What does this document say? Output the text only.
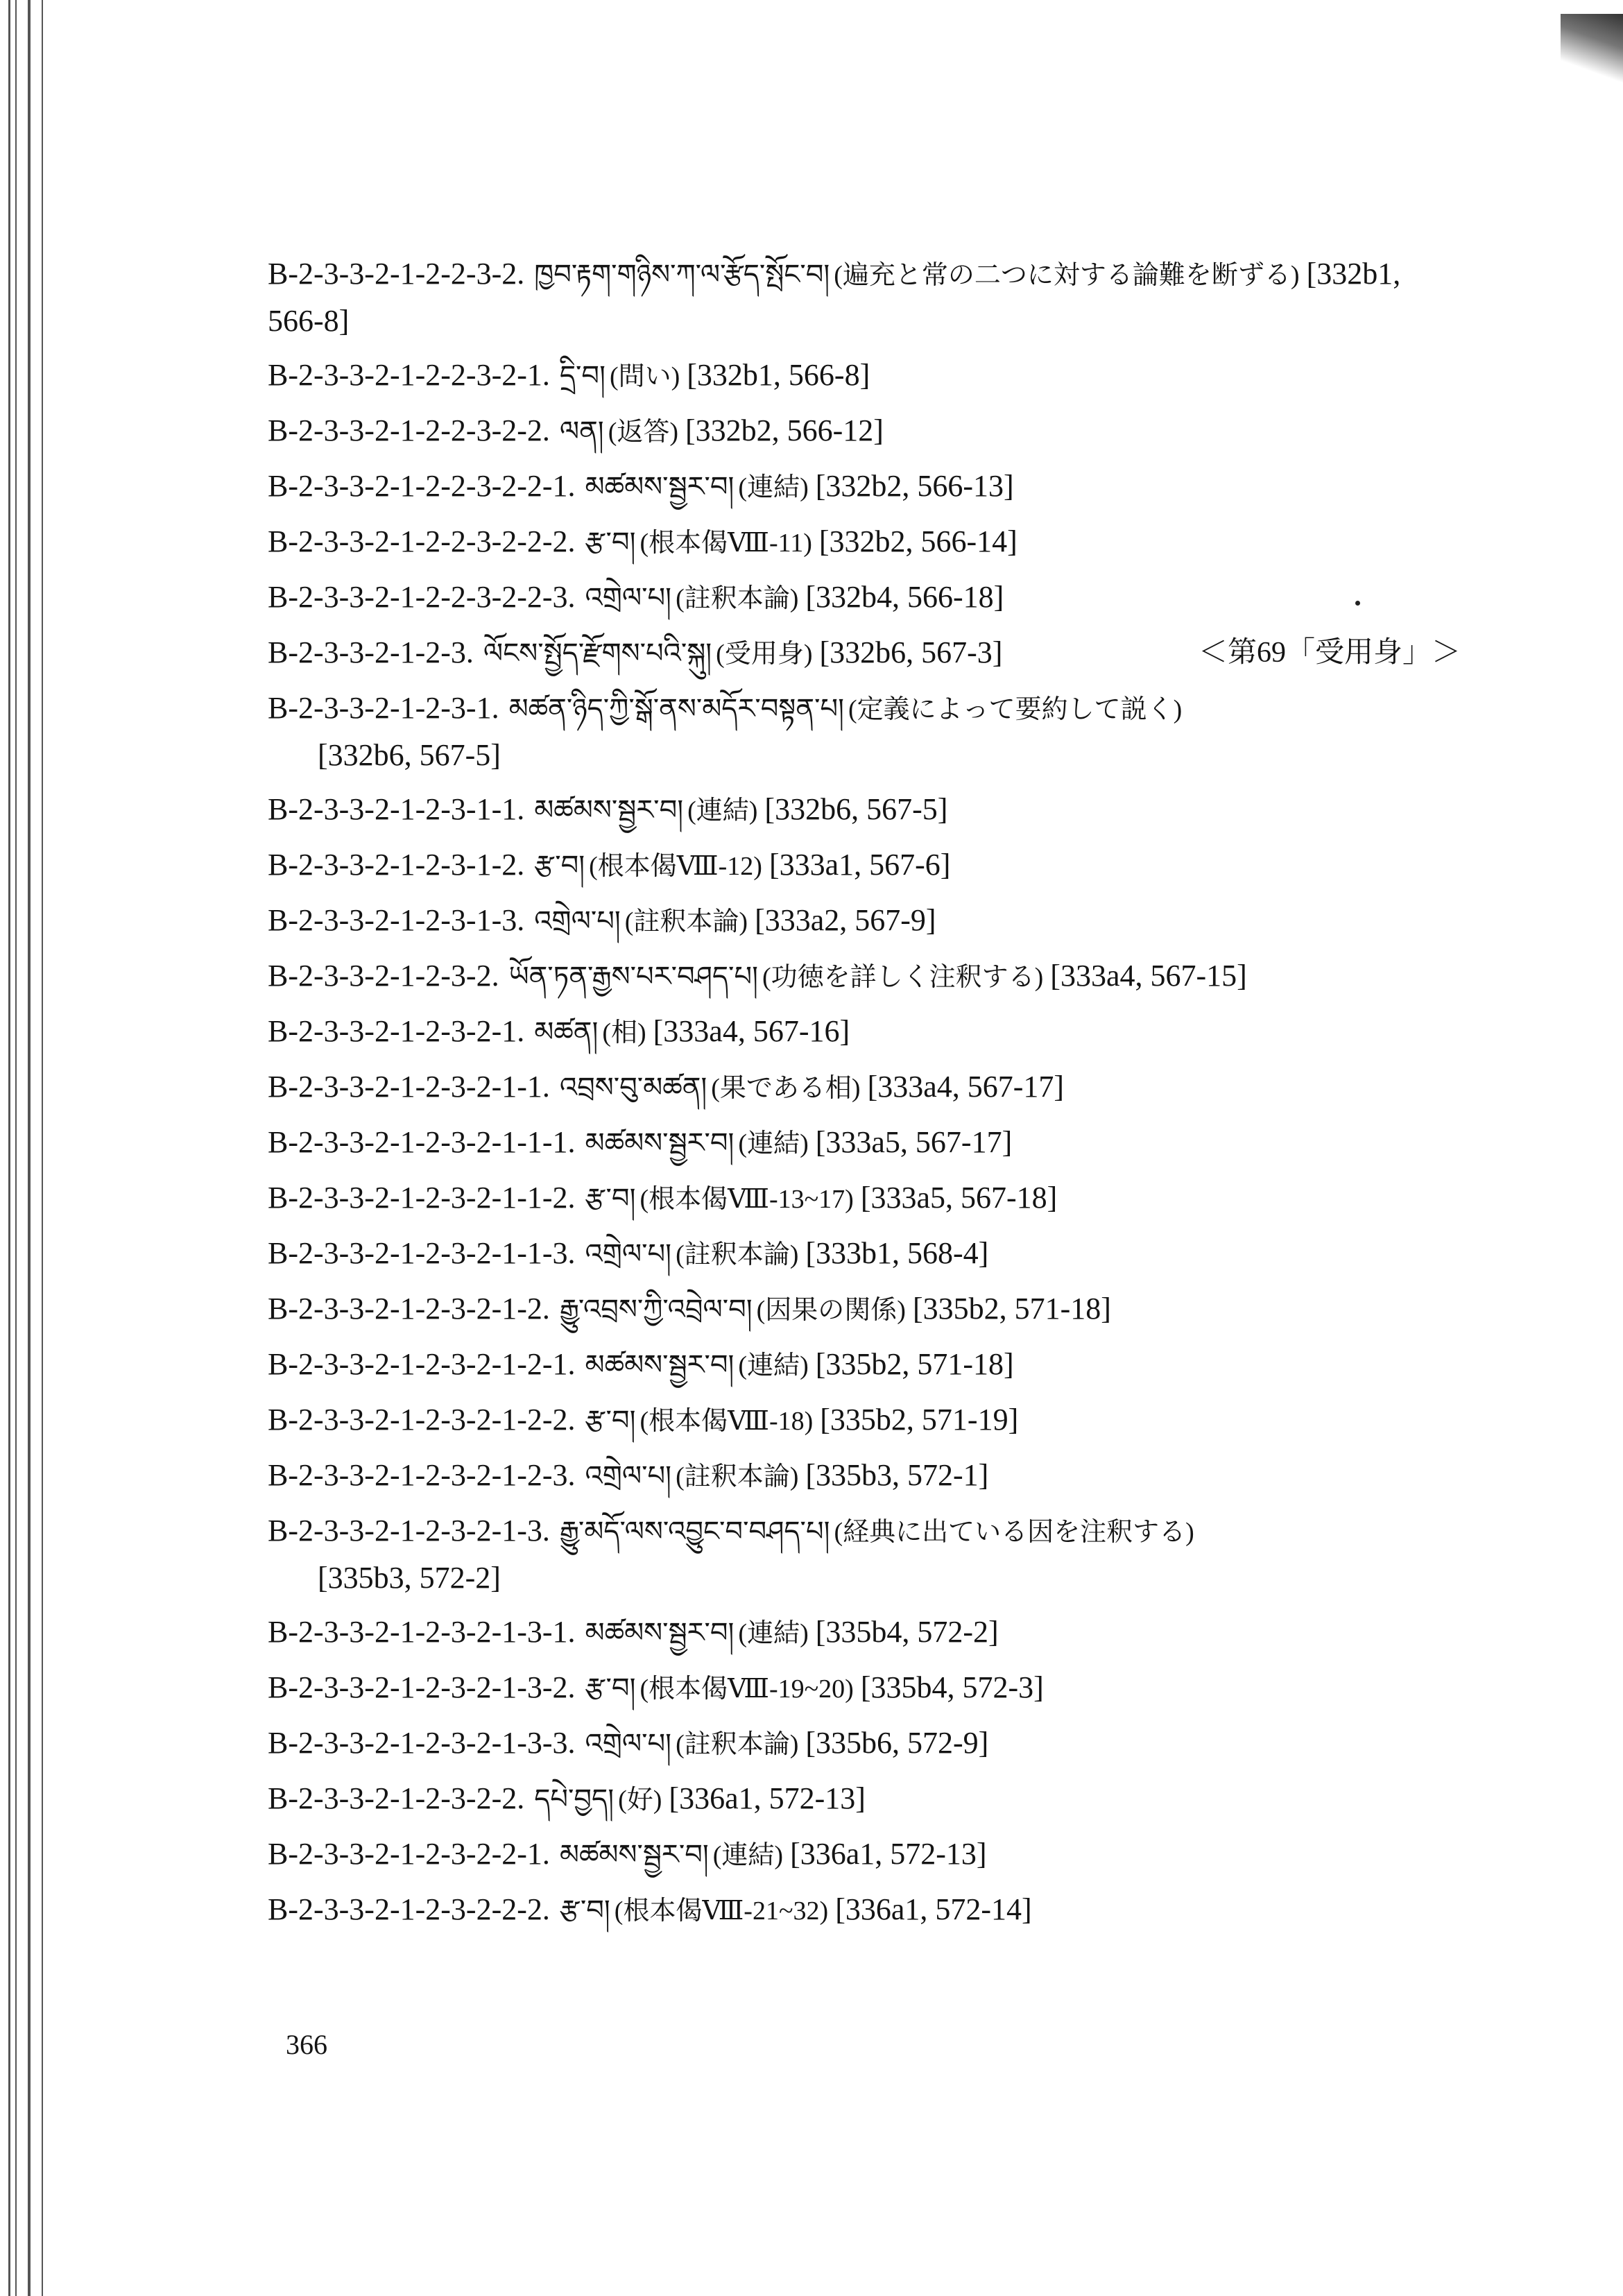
B-2-3-3-2-1-2-2-3-2. ཁྱབ་རྟག་གཉིས་ཀ་ལ་རྩོད་སྤོང་བ། (遍充と常の二つに対する論難を断ずる) [332b1, 566-8]

B-2-3-3-2-1-2-2-3-2-1. དྲི་བ། (問い) [332b1, 566-8]

B-2-3-3-2-1-2-2-3-2-2. ལན། (返答) [332b2, 566-12]

B-2-3-3-2-1-2-2-3-2-2-1. མཚམས་སྦྱར་བ། (連結) [332b2, 566-13]

B-2-3-3-2-1-2-2-3-2-2-2. རྩ་བ། (根本偈Ⅷ-11) [332b2, 566-14]

B-2-3-3-2-1-2-2-3-2-2-3. འགྲེལ་པ། (註釈本論) [332b4, 566-18]

＜第69「受用身」＞
B-2-3-3-2-1-2-3. ལོངས་སྤྱོད་རྫོགས་པའི་སྐུ། (受用身) [332b6, 567-3]

B-2-3-3-2-1-2-3-1. མཚན་ཉིད་ཀྱི་སྒོ་ནས་མདོར་བསྟན་པ། (定義によって要約して説く)
[332b6, 567-5]

B-2-3-3-2-1-2-3-1-1. མཚམས་སྦྱར་བ། (連結) [332b6, 567-5]

B-2-3-3-2-1-2-3-1-2. རྩ་བ། (根本偈Ⅷ-12) [333a1, 567-6]

B-2-3-3-2-1-2-3-1-3. འགྲེལ་པ། (註釈本論) [333a2, 567-9]

B-2-3-3-2-1-2-3-2. ཡོན་ཏན་རྒྱས་པར་བཤད་པ། (功徳を詳しく注釈する) [333a4, 567-15]

B-2-3-3-2-1-2-3-2-1. མཚན། (相) [333a4, 567-16]

B-2-3-3-2-1-2-3-2-1-1. འབྲས་བུ་མཚན། (果である相) [333a4, 567-17]

B-2-3-3-2-1-2-3-2-1-1-1. མཚམས་སྦྱར་བ། (連結) [333a5, 567-17]

B-2-3-3-2-1-2-3-2-1-1-2. རྩ་བ། (根本偈Ⅷ-13~17) [333a5, 567-18]

B-2-3-3-2-1-2-3-2-1-1-3. འགྲེལ་པ། (註釈本論) [333b1, 568-4]

B-2-3-3-2-1-2-3-2-1-2. རྒྱུ་འབྲས་ཀྱི་འབྲེལ་བ། (因果の関係) [335b2, 571-18]

B-2-3-3-2-1-2-3-2-1-2-1. མཚམས་སྦྱར་བ། (連結) [335b2, 571-18]

B-2-3-3-2-1-2-3-2-1-2-2. རྩ་བ། (根本偈Ⅷ-18) [335b2, 571-19]

B-2-3-3-2-1-2-3-2-1-2-3. འགྲེལ་པ། (註釈本論) [335b3, 572-1]

B-2-3-3-2-1-2-3-2-1-3. རྒྱུ་མདོ་ལས་འབྱུང་བ་བཤད་པ། (経典に出ている因を注釈する)
[335b3, 572-2]

B-2-3-3-2-1-2-3-2-1-3-1. མཚམས་སྦྱར་བ། (連結) [335b4, 572-2]

B-2-3-3-2-1-2-3-2-1-3-2. རྩ་བ། (根本偈Ⅷ-19~20) [335b4, 572-3]

B-2-3-3-2-1-2-3-2-1-3-3. འགྲེལ་པ། (註釈本論) [335b6, 572-9]

B-2-3-3-2-1-2-3-2-2. དཔེ་བྱད། (好) [336a1, 572-13]

B-2-3-3-2-1-2-3-2-2-1. མཚམས་སྦྱར་བ། (連結) [336a1, 572-13]

B-2-3-3-2-1-2-3-2-2-2. རྩ་བ། (根本偈Ⅷ-21~32) [336a1, 572-14]

366
